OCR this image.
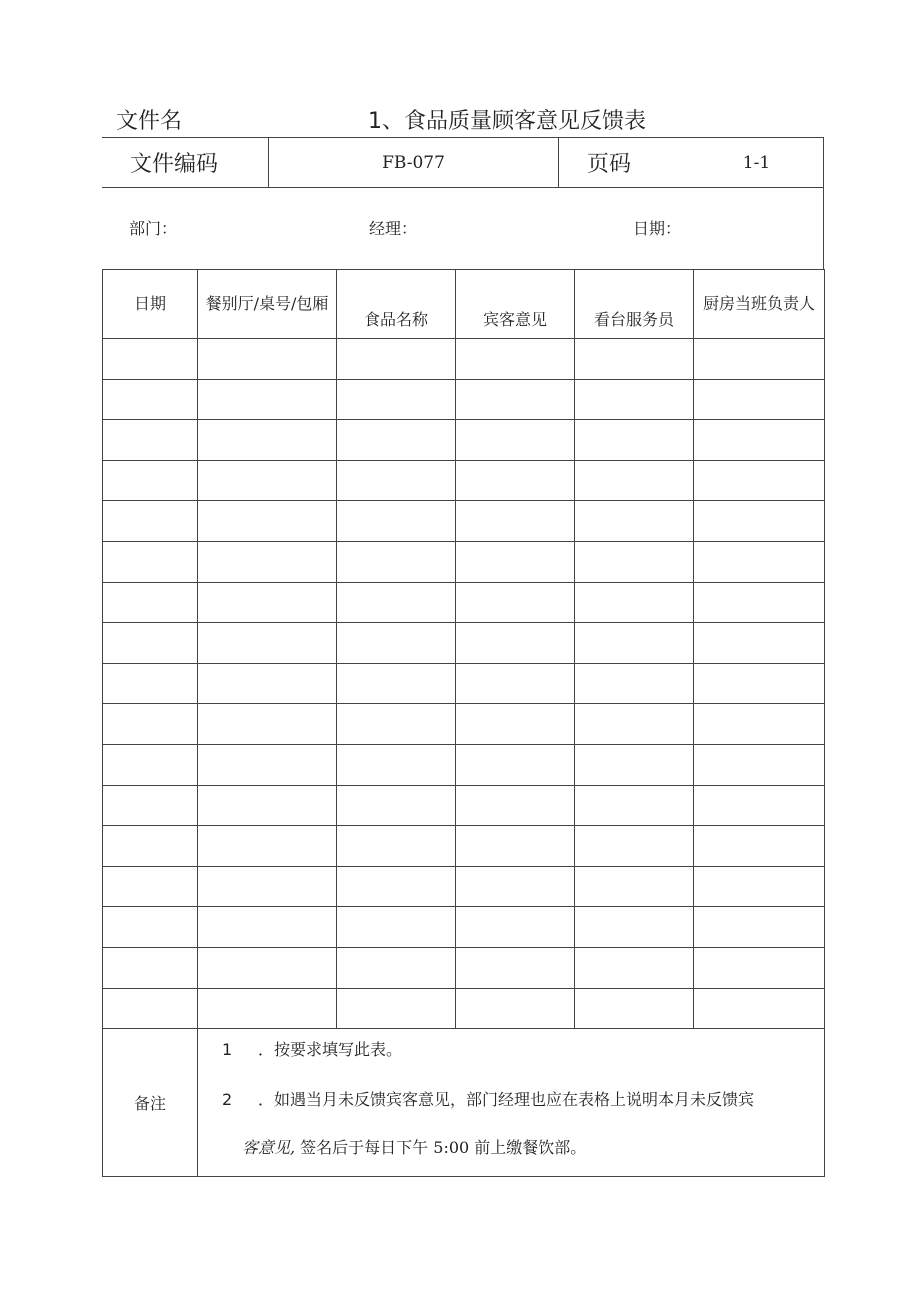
文件名	1、食品质量顾客意见反馈表
文件编码	FB-077	页码	1-1
部门：	经理：	日期：
日期	餐别厅/桌号/包厢	食品名称	宾客意见	看台服务员	厨房当班负责人

备注	1 ．按要求填写此表。
2 ．如遇当月未反馈宾客意见，部门经理也应在表格上说明本月未反馈宾
客意见, 签名后于每日下午 5:00 前上缴餐饮部。				
